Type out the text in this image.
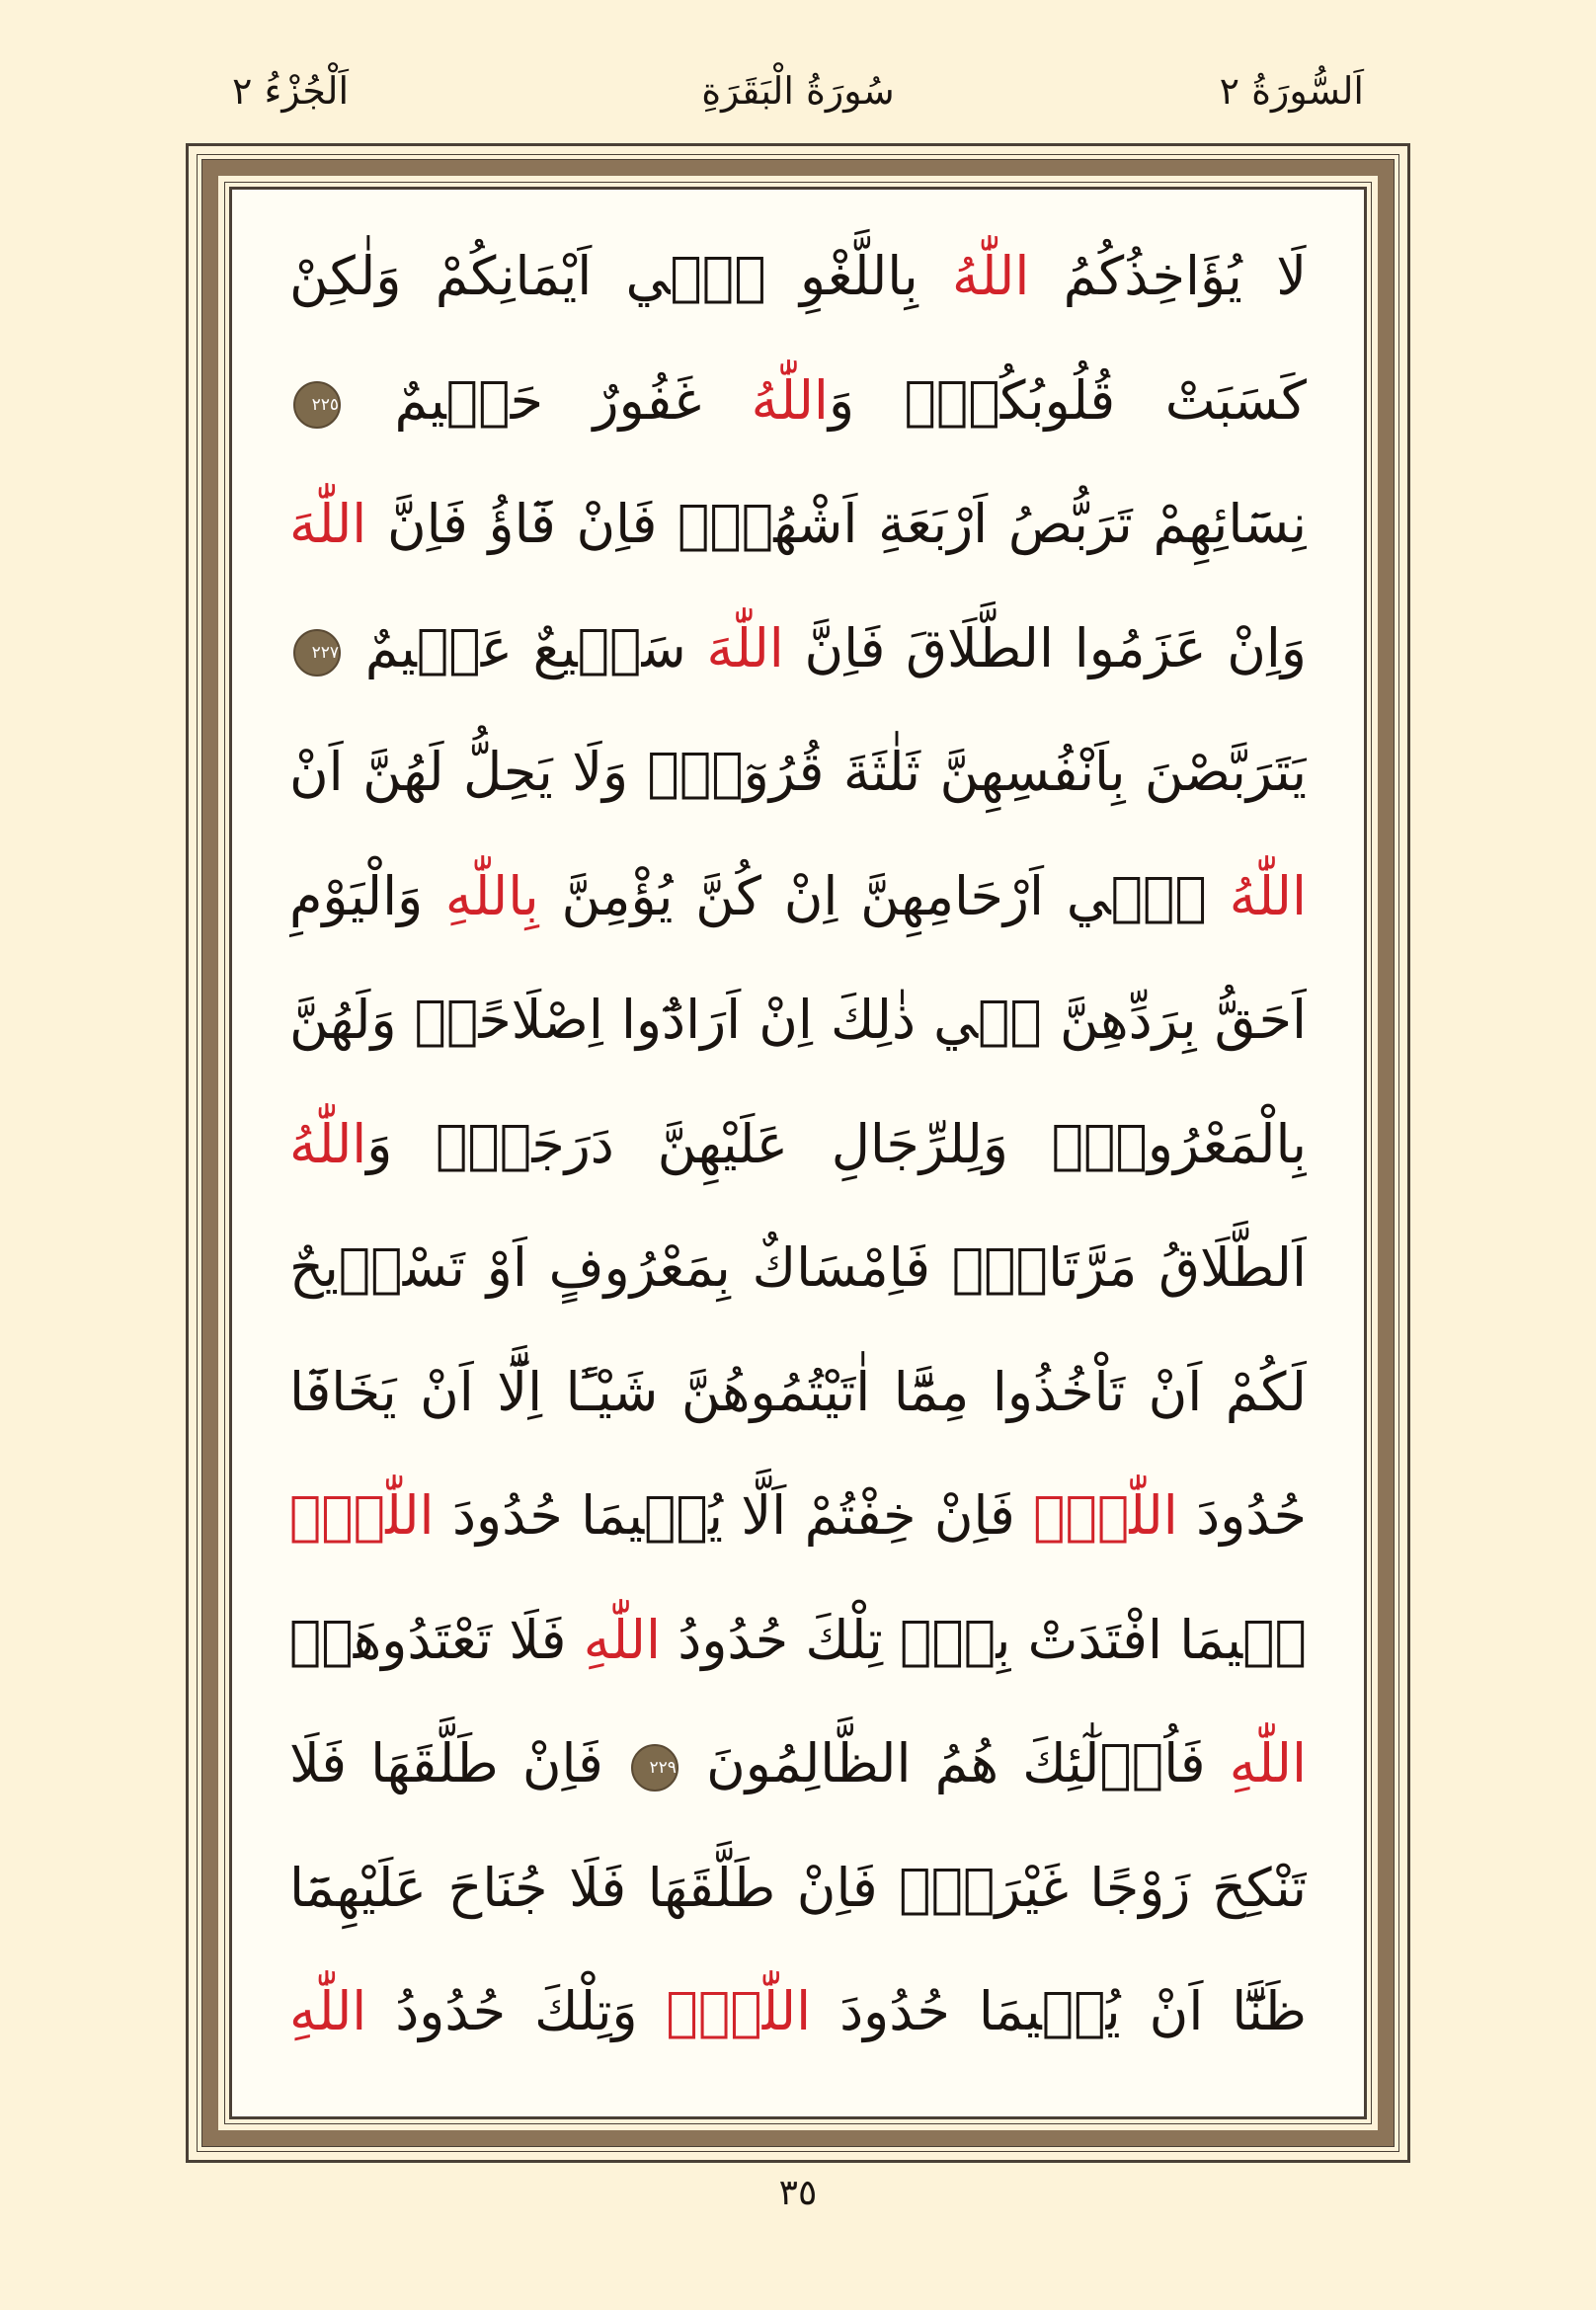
اَلْجُزْءُ ٢	سُورَةُ الْبَقَرَةِ	اَلسُّورَةُ ٢
لَا يُؤَاخِذُكُمُ اللّٰهُ بِاللَّغْوِ فٖٓي اَيْمَانِكُمْ وَلٰكِنْ
كَسَبَتْ قُلُوبُكُمْۜ وَاللّٰهُ غَفُورٌ حَلٖيمٌ ٢٢٥
نِسَٓائِهِمْ تَرَبُّصُ اَرْبَعَةِ اَشْهُرٍۚ فَاِنْ فَٓاؤُ فَاِنَّ اللّٰهَ
وَاِنْ عَزَمُوا الطَّلَاقَ فَاِنَّ اللّٰهَ سَمٖيعٌ عَلٖيمٌ ٢٢٧
يَتَرَبَّصْنَ بِاَنْفُسِهِنَّ ثَلٰثَةَ قُرُوٓءٍۜ وَلَا يَحِلُّ لَهُنَّ اَنْ
اللّٰهُ فٖٓي اَرْحَامِهِنَّ اِنْ كُنَّ يُؤْمِنَّ بِاللّٰهِ وَالْيَوْمِ
اَحَقُّ بِرَدِّهِنَّ فٖي ذٰلِكَ اِنْ اَرَادُٓوا اِصْلَاحًاۜ وَلَهُنَّ
بِالْمَعْرُوفِۖ وَلِلرِّجَالِ عَلَيْهِنَّ دَرَجَةٌۜ وَاللّٰهُ
اَلطَّلَاقُ مَرَّتَانِۖ فَاِمْسَاكٌ بِمَعْرُوفٍ اَوْ تَسْرٖيحٌ
لَكُمْ اَنْ تَاْخُذُوا مِمَّٓا اٰتَيْتُمُوهُنَّ شَيْـًٔا اِلَّٓا اَنْ يَخَافَٓا
حُدُودَ اللّٰهِۜ فَاِنْ خِفْتُمْ اَلَّا يُقٖيمَا حُدُودَ اللّٰهِۙ
فٖيمَا افْتَدَتْ بِهٖۜ تِلْكَ حُدُودُ اللّٰهِ فَلَا تَعْتَدُوهَاۚ
اللّٰهِ فَاُو۬لٰٓئِكَ هُمُ الظَّالِمُونَ ٢٢٩ فَاِنْ طَلَّقَهَا فَلَا
تَنْكِحَ زَوْجًا غَيْرَهُۜ فَاِنْ طَلَّقَهَا فَلَا جُنَاحَ عَلَيْهِمَٓا
ظَنَّٓا اَنْ يُقٖيمَا حُدُودَ اللّٰهِۜ وَتِلْكَ حُدُودُ اللّٰهِ
٣٥
